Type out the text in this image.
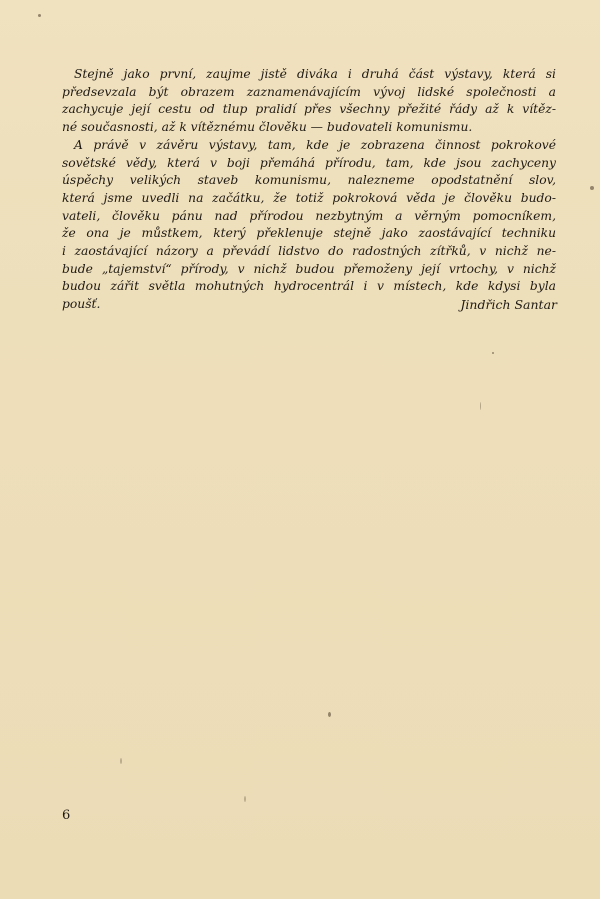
Stejně jako první, zaujme jistě diváka i druhá část výstavy, která si
předsevzala být obrazem zaznamenávajícím vývoj lidské společnosti a
zachycuje její cestu od tlup pralidí přes všechny přežité řády až k vítěz-
né současnosti, až k vítěznému člověku — budovateli komunismu.

A právě v závěru výstavy, tam, kde je zobrazena činnost pokrokové
sovětské vědy, která v boji přemáhá přírodu, tam, kde jsou zachyceny
úspěchy velikých staveb komunismu, nalezneme opodstatnění slov,
která jsme uvedli na začátku, že totiž pokroková věda je člověku budo-
vateli, člověku pánu nad přírodou nezbytným a věrným pomocníkem,
že ona je můstkem, který překlenuje stejně jako zaostávající techniku
i zaostávající názory a převádí lidstvo do radostných zítřků, v nichž ne-
bude „tajemství“ přírody, v nichž budou přemoženy její vrtochy, v nichž
budou zářit světla mohutných hydrocentrál i v místech, kde kdysi byla
poušť.	Jindřich Santar
6
